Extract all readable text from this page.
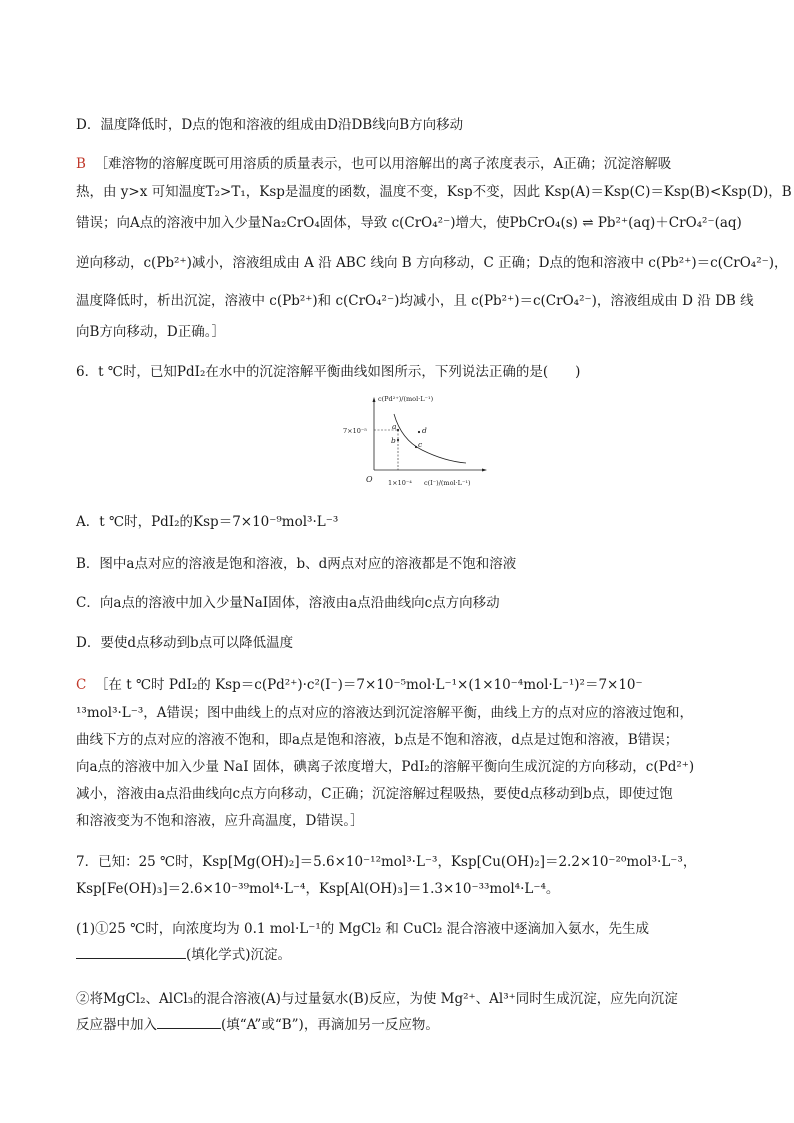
D．温度降低时，D点的饱和溶液的组成由D沿DB线向B方向移动
B ［难溶物的溶解度既可用溶质的质量表示，也可以用溶解出的离子浓度表示，A正确；沉淀溶解吸
热，由 y>x 可知温度T₂>T₁，Ksp是温度的函数，温度不变，Ksp不变，因此 Ksp(A)＝Ksp(C)＝Ksp(B)<Ksp(D)，B
错误；向A点的溶液中加入少量Na₂CrO₄固体，导致 c(CrO₄²⁻)增大，使PbCrO₄(s) ⇌ Pb²⁺(aq)＋CrO₄²⁻(aq)
逆向移动，c(Pb²⁺)减小，溶液组成由 A 沿 ABC 线向 B 方向移动，C 正确；D点的饱和溶液中 c(Pb²⁺)＝c(CrO₄²⁻)，
温度降低时，析出沉淀，溶液中 c(Pb²⁺)和 c(CrO₄²⁻)均减小，且 c(Pb²⁺)＝c(CrO₄²⁻)，溶液组成由 D 沿 DB 线
向B方向移动，D正确。］
6．t ℃时，已知PdI₂在水中的沉淀溶解平衡曲线如图所示，下列说法正确的是(　　)
c(Pd²⁺)/(mol·L⁻¹)
c(I⁻)/(mol·L⁻¹)
O 1×10⁻⁴
7×10⁻⁵	a
b	c
d
A．t ℃时，PdI₂的Ksp＝7×10⁻⁹mol³·L⁻³
B．图中a点对应的溶液是饱和溶液，b、d两点对应的溶液都是不饱和溶液
C．向a点的溶液中加入少量NaI固体，溶液由a点沿曲线向c点方向移动
D．要使d点移动到b点可以降低温度
C ［在 t ℃时 PdI₂的 Ksp＝c(Pd²⁺)·c²(I⁻)＝7×10⁻⁵mol·L⁻¹×(1×10⁻⁴mol·L⁻¹)²＝7×10⁻
¹³mol³·L⁻³，A错误；图中曲线上的点对应的溶液达到沉淀溶解平衡，曲线上方的点对应的溶液过饱和，
曲线下方的点对应的溶液不饱和，即a点是饱和溶液，b点是不饱和溶液，d点是过饱和溶液，B错误；
向a点的溶液中加入少量 NaI 固体，碘离子浓度增大，PdI₂的溶解平衡向生成沉淀的方向移动，c(Pd²⁺)
减小，溶液由a点沿曲线向c点方向移动，C正确；沉淀溶解过程吸热，要使d点移动到b点，即使过饱
和溶液变为不饱和溶液，应升高温度，D错误。］
7．已知：25 ℃时，Ksp[Mg(OH)₂]＝5.6×10⁻¹²mol³·L⁻³，Ksp[Cu(OH)₂]＝2.2×10⁻²⁰mol³·L⁻³，
Ksp[Fe(OH)₃]＝2.6×10⁻³⁹mol⁴·L⁻⁴，Ksp[Al(OH)₃]＝1.3×10⁻³³mol⁴·L⁻⁴。
(1)①25 ℃时，向浓度均为 0.1 mol·L⁻¹的 MgCl₂ 和 CuCl₂ 混合溶液中逐滴加入氨水，先生成
(填化学式)沉淀。
②将MgCl₂、AlCl₃的混合溶液(A)与过量氨水(B)反应，为使 Mg²⁺、Al³⁺同时生成沉淀，应先向沉淀
反应器中加入	(填“A”或“B”)，再滴加另一反应物。
